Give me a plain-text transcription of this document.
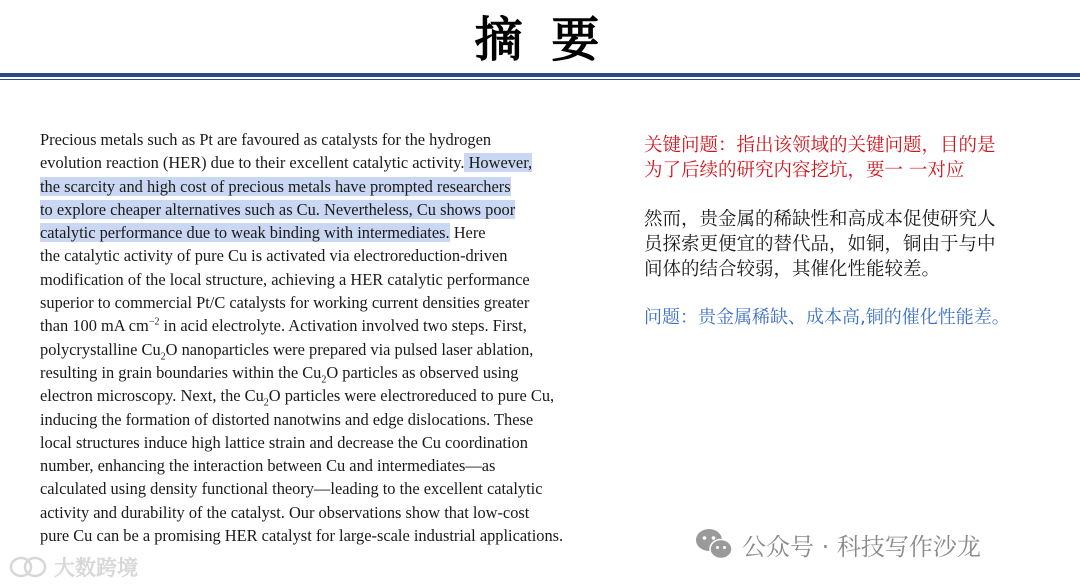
摘 要
Precious metals such as Pt are favoured as catalysts for the hydrogen
evolution reaction (HER) due to their excellent catalytic activity. However,
the scarcity and high cost of precious metals have prompted researchers
to explore cheaper alternatives such as Cu. Nevertheless, Cu shows poor
catalytic performance due to weak binding with intermediates. Here
the catalytic activity of pure Cu is activated via electroreduction-driven
modification of the local structure, achieving a HER catalytic performance
superior to commercial Pt/C catalysts for working current densities greater
than 100 mA $cm^{-2}$ in acid electrolyte. Activation involved two steps. First,
polycrystalline $Cu_2O$ nanoparticles were prepared via pulsed laser ablation,
resulting in grain boundaries within the $Cu_2O$ particles as observed using
electron microscopy. Next, the $Cu_2O$ particles were electroreduced to pure Cu,
inducing the formation of distorted nanotwins and edge dislocations. These
local structures induce high lattice strain and decrease the Cu coordination
number, enhancing the interaction between Cu and intermediates—as
calculated using density functional theory—leading to the excellent catalytic
activity and durability of the catalyst. Our observations show that low-cost
pure Cu can be a promising HER catalyst for large-scale industrial applications.
关键问题：指出该领域的关键问题，目的是
为了后续的研究内容挖坑，要一 一对应
然而，贵金属的稀缺性和高成本促使研究人
员探索更便宜的替代品，如铜，铜由于与中
间体的结合较弱，其催化性能较差。
问题：贵金属稀缺、成本高,铜的催化性能差。
公众号 · 科技写作沙龙
大数跨境
